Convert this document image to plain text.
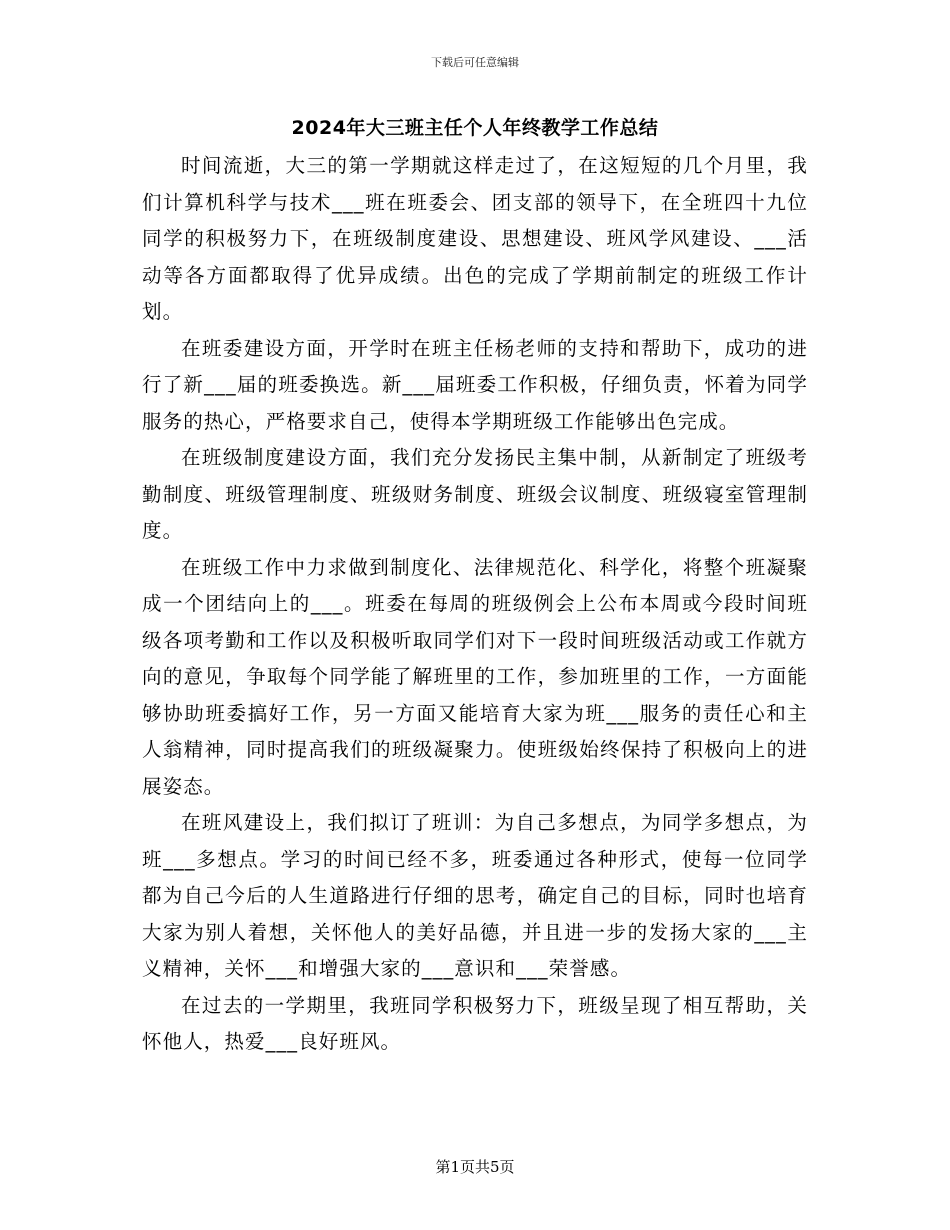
下载后可任意编辑
2024年大三班主任个人年终教学工作总结

时间流逝，大三的第一学期就这样走过了，在这短短的几个月里，我们计算机科学与技术___班在班委会、团支部的领导下，在全班四十九位同学的积极努力下，在班级制度建设、思想建设、班风学风建设、___活动等各方面都取得了优异成绩。出色的完成了学期前制定的班级工作计划。

在班委建设方面，开学时在班主任杨老师的支持和帮助下，成功的进行了新___届的班委换选。新___届班委工作积极，仔细负责，怀着为同学服务的热心，严格要求自己，使得本学期班级工作能够出色完成。

在班级制度建设方面，我们充分发扬民主集中制，从新制定了班级考勤制度、班级管理制度、班级财务制度、班级会议制度、班级寝室管理制度。

在班级工作中力求做到制度化、法律规范化、科学化，将整个班凝聚成一个团结向上的___。班委在每周的班级例会上公布本周或今段时间班级各项考勤和工作以及积极听取同学们对下一段时间班级活动或工作就方向的意见，争取每个同学能了解班里的工作，参加班里的工作，一方面能够协助班委搞好工作，另一方面又能培育大家为班___服务的责任心和主人翁精神，同时提高我们的班级凝聚力。使班级始终保持了积极向上的进展姿态。

在班风建设上，我们拟订了班训：为自己多想点，为同学多想点，为班___多想点。学习的时间已经不多，班委通过各种形式，使每一位同学都为自己今后的人生道路进行仔细的思考，确定自己的目标，同时也培育大家为别人着想，关怀他人的美好品德，并且进一步的发扬大家的___主义精神，关怀___和增强大家的___意识和___荣誉感。

在过去的一学期里，我班同学积极努力下，班级呈现了相互帮助，关怀他人，热爱___良好班风。

第1页共5页
